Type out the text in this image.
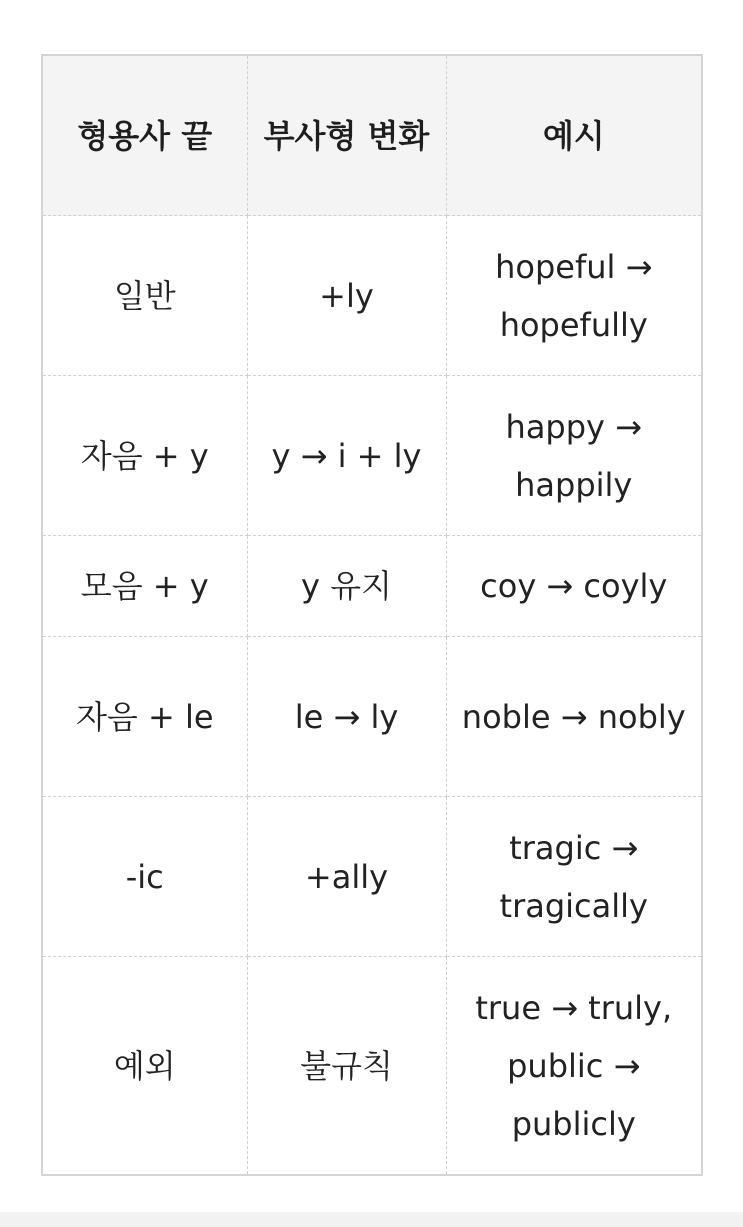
형용사 끝	부사형 변화	예시
일반	+ly	hopeful → hopefully
자음 + y	y → i + ly	happy → happily
모음 + y	y 유지	coy → coyly
자음 + le	le → ly	noble → nobly
-ic	+ally	tragic → tragically
예외	불규칙	true → truly, public → publicly
